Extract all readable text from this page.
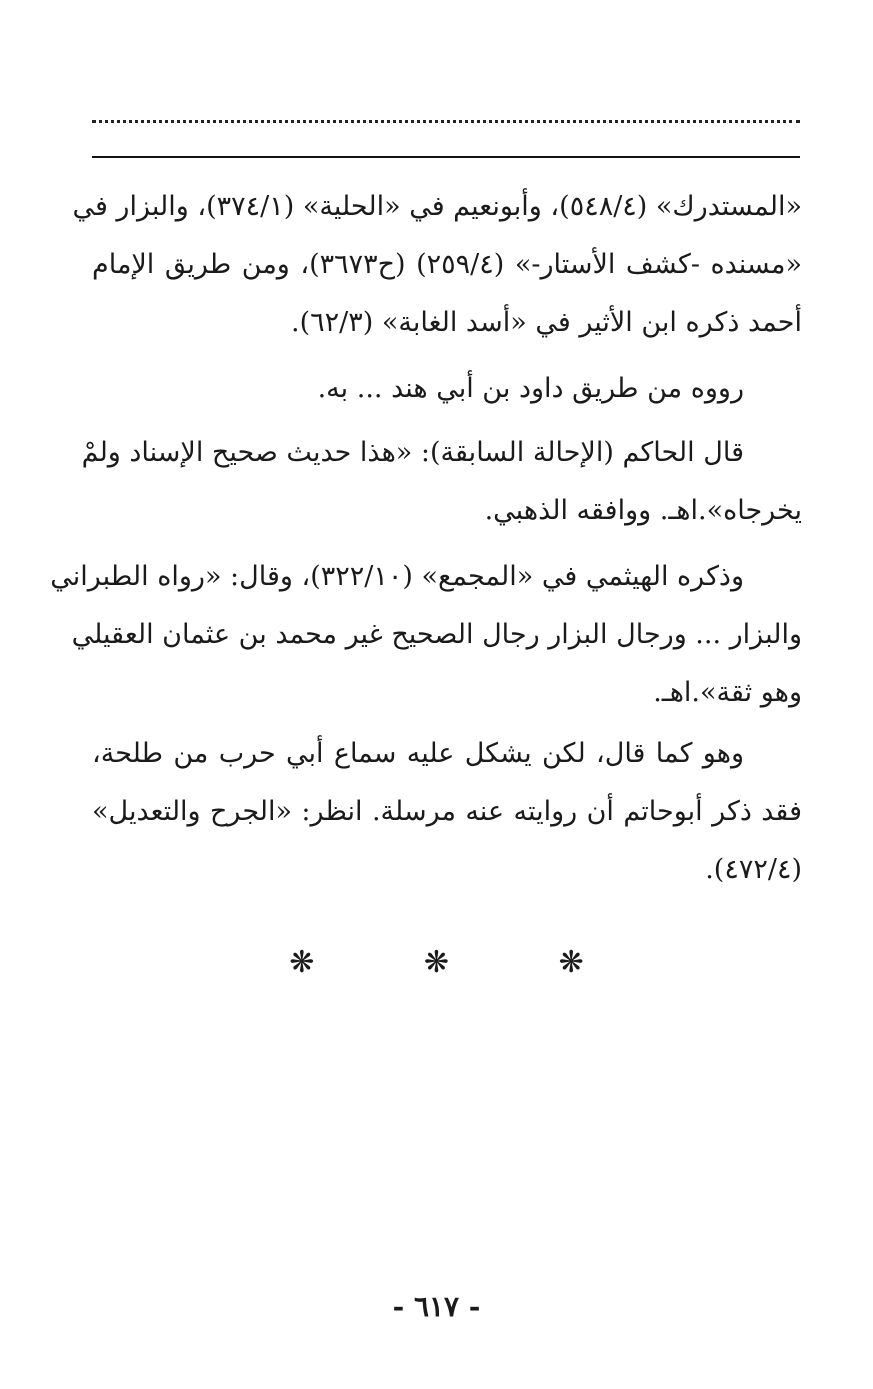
«المستدرك» (٥٤٨/٤)، وأبونعيم في «الحلية» (٣٧٤/١)، والبزار في
«مسنده -كشف الأستار-» (٢٥٩/٤) (ح٣٦٧٣)، ومن طريق الإمام
أحمد ذكره ابن الأثير في «أسد الغابة» (٦٢/٣).
رووه من طريق داود بن أبي هند ... به.
قال الحاكم (الإحالة السابقة): «هذا حديث صحيح الإسناد ولمْ
يخرجاه».اهـ. ووافقه الذهبي.
وذكره الهيثمي في «المجمع» (٣٢٢/١٠)، وقال: «رواه الطبراني
والبزار ... ورجال البزار رجال الصحيح غير محمد بن عثمان العقيلي
وهو ثقة».اهـ.
وهو كما قال، لكن يشكل عليه سماع أبي حرب من طلحة،
فقد ذكر أبوحاتم أن روايته عنه مرسلة. انظر: «الجرح والتعديل»
(٤٧٢/٤).
❋ ❋ ❋
- ٦١٧ -
